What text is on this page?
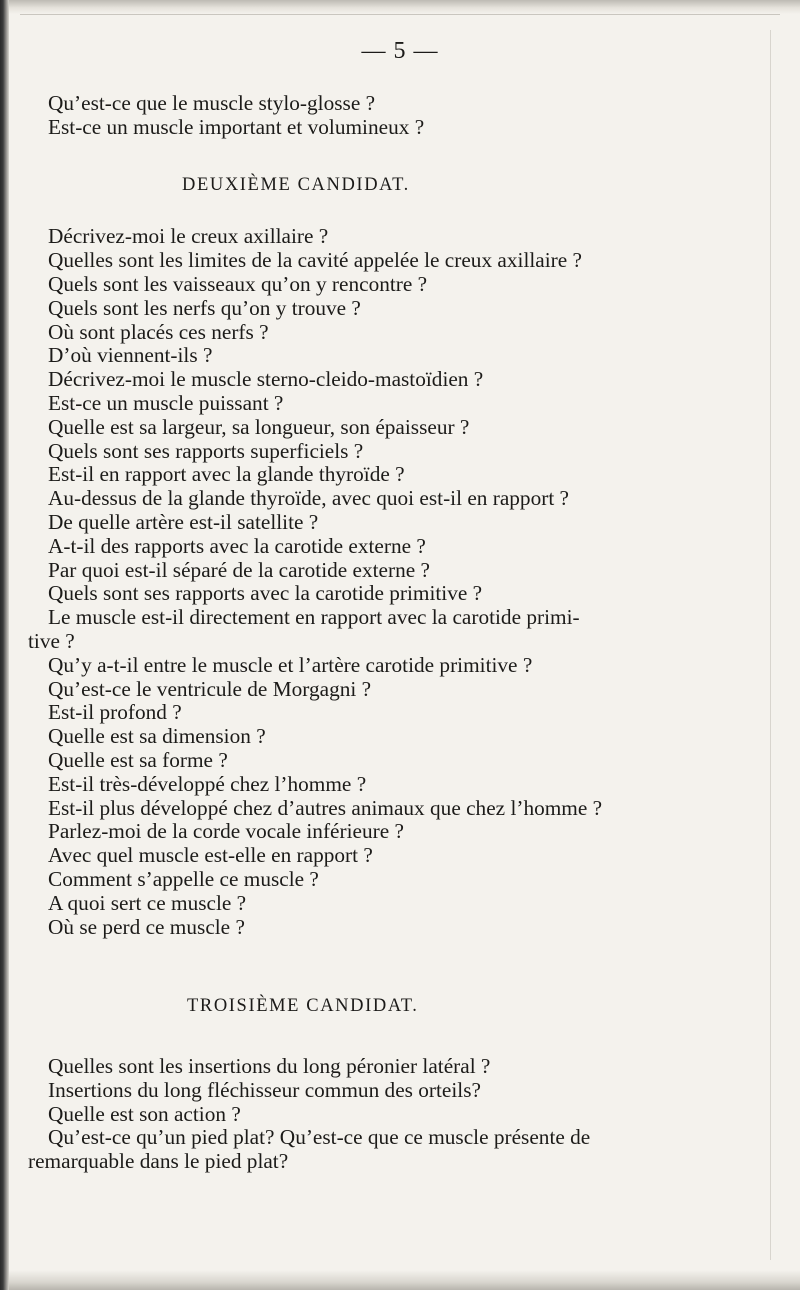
— 5 —
Qu’est-ce que le muscle stylo-glosse ?
Est-ce un muscle important et volumineux ?
DEUXIÈME CANDIDAT.
Décrivez-moi le creux axillaire ?
Quelles sont les limites de la cavité appelée le creux axillaire ?
Quels sont les vaisseaux qu’on y rencontre ?
Quels sont les nerfs qu’on y trouve ?
Où sont placés ces nerfs ?
D’où viennent-ils ?
Décrivez-moi le muscle sterno-cleido-mastoïdien ?
Est-ce un muscle puissant ?
Quelle est sa largeur, sa longueur, son épaisseur ?
Quels sont ses rapports superficiels ?
Est-il en rapport avec la glande thyroïde ?
Au-dessus de la glande thyroïde, avec quoi est-il en rapport ?
De quelle artère est-il satellite ?
A-t-il des rapports avec la carotide externe ?
Par quoi est-il séparé de la carotide externe ?
Quels sont ses rapports avec la carotide primitive ?
Le muscle est-il directement en rapport avec la carotide primi-
tive ?
Qu’y a-t-il entre le muscle et l’artère carotide primitive ?
Qu’est-ce le ventricule de Morgagni ?
Est-il profond ?
Quelle est sa dimension ?
Quelle est sa forme ?
Est-il très-développé chez l’homme ?
Est-il plus développé chez d’autres animaux que chez l’homme ?
Parlez-moi de la corde vocale inférieure ?
Avec quel muscle est-elle en rapport ?
Comment s’appelle ce muscle ?
A quoi sert ce muscle ?
Où se perd ce muscle ?
TROISIÈME CANDIDAT.
Quelles sont les insertions du long péronier latéral ?
Insertions du long fléchisseur commun des orteils?
Quelle est son action ?
Qu’est-ce qu’un pied plat? Qu’est-ce que ce muscle présente de
remarquable dans le pied plat?
